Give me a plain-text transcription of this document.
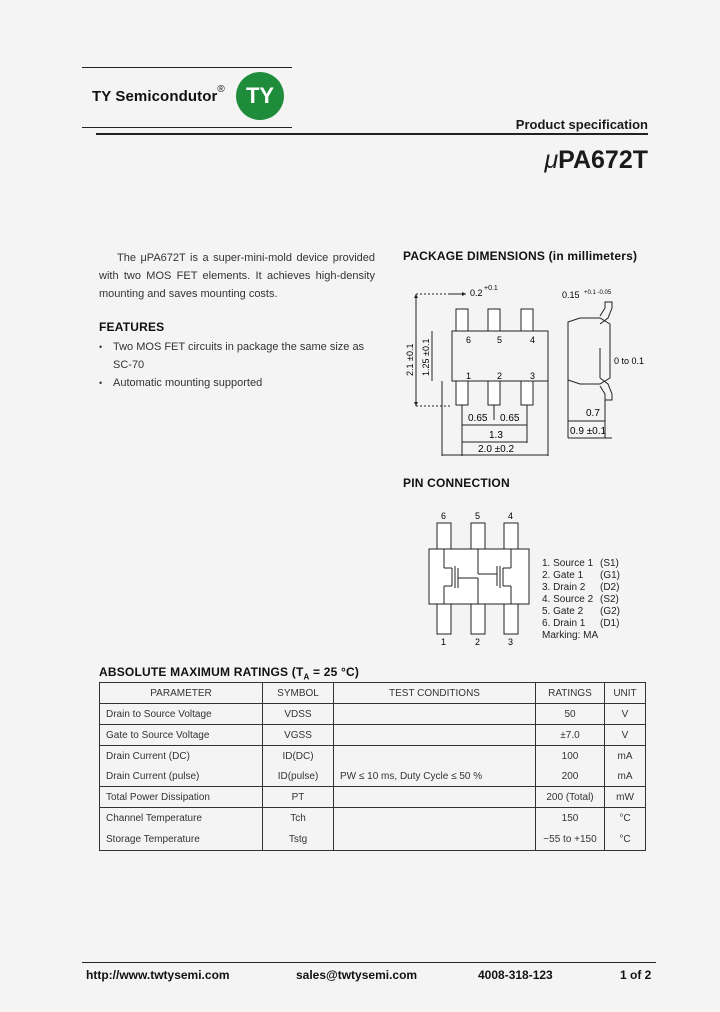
TY Semicondutor® TY
Product specification
μPA672T
The μPA672T is a super-mini-mold device provided with two MOS FET elements. It achieves high-density mounting and saves mounting costs.
FEATURES
• Two MOS FET circuits in package the same size as SC-70
• Automatic mounting supported
PACKAGE DIMENSIONS (in millimeters)
6	5	4
1	2	3
0.2 +0.1
2.1 ±0.1 1.25 ±0.1
0.65 0.65
1.3
2.0 ±0.2
0.15 +0.1 -0.05
0 to 0.1
0.7
0.9 ±0.1
PIN CONNECTION
6	5	4
1	2	3
1. Source 1 (S1)
2. Gate 1 (G1)
3. Drain 2 (D2)
4. Source 2 (S2)
5. Gate 2 (G2)
6. Drain 1 (D1)
Marking: MA
ABSOLUTE MAXIMUM RATINGS ($T_A = 25$ °C)
PARAMETER	SYMBOL	TEST CONDITIONS	RATINGS	UNIT
Drain to Source Voltage	VDSS		50	V
Gate to Source Voltage	VGSS		±7.0	V
Drain Current (DC)	ID(DC)		100	mA
Drain Current (pulse)	ID(pulse)	PW ≤ 10 ms, Duty Cycle ≤ 50 %	200	mA
Total Power Dissipation	PT		200 (Total)	mW
Channel Temperature	Tch		150	°C
Storage Temperature	Tstg		−55 to +150	°C
http://www.twtysemi.com	sales@twtysemi.com	4008-318-123	1 of 2
